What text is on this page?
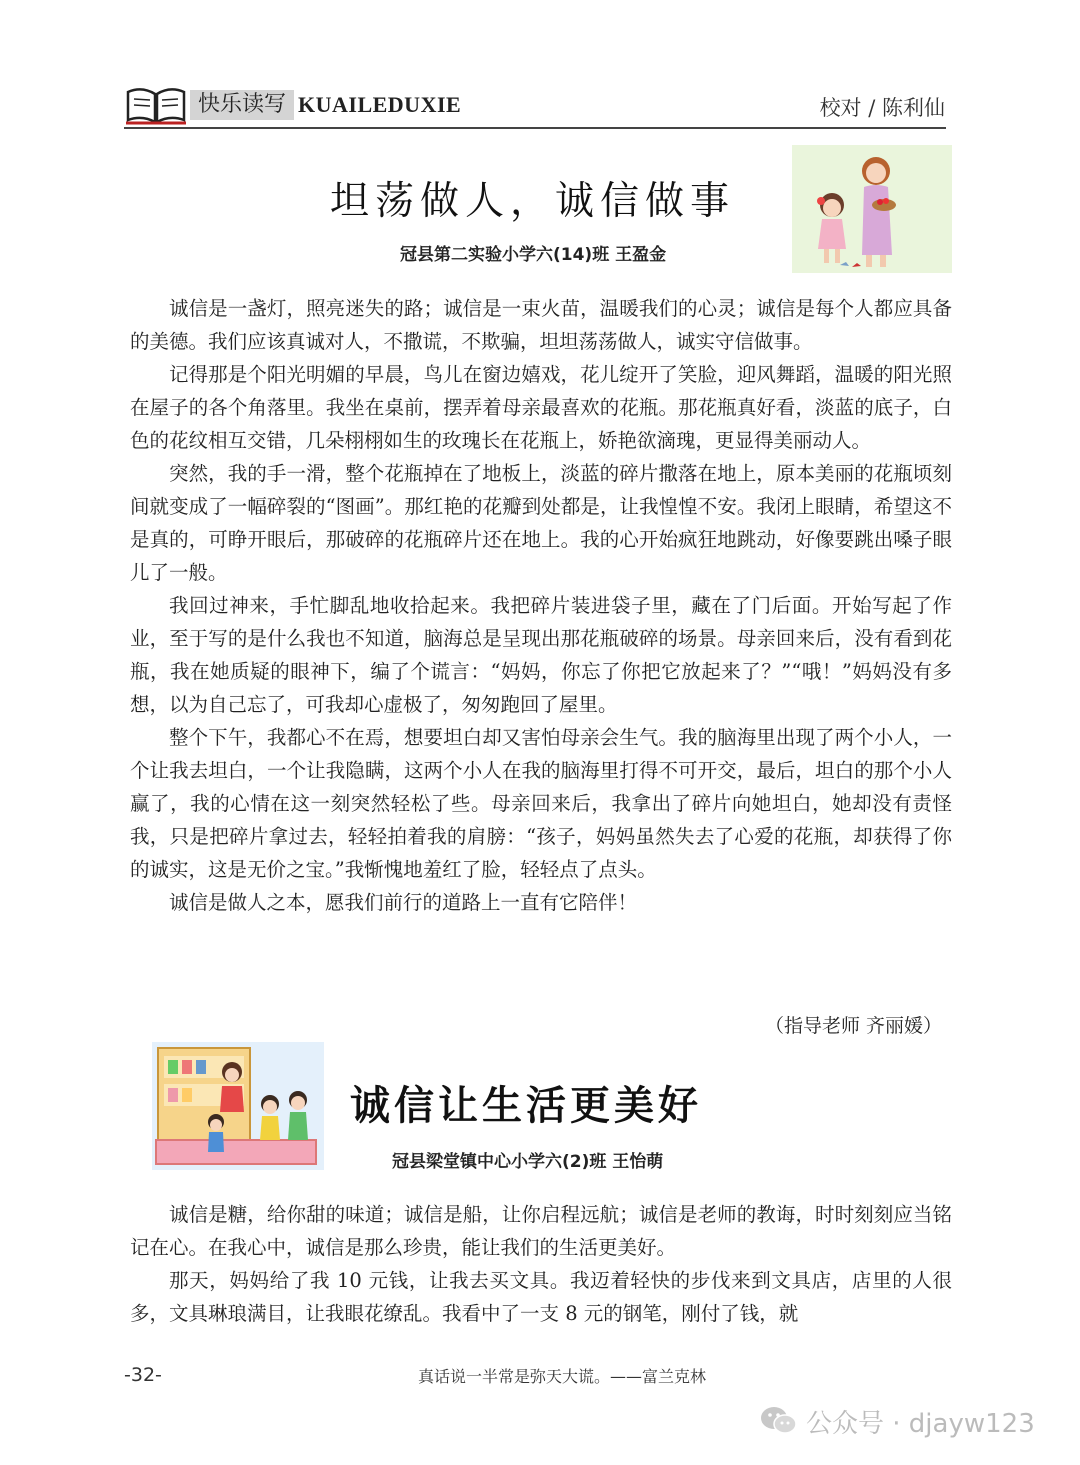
快乐读写 KUAILEDUXIE	校对 / 陈利仙
坦荡做人，诚信做事
冠县第二实验小学六(14)班 王盈金

诚信是一盏灯，照亮迷失的路；诚信是一束火苗，温暖我们的心灵；诚信是每个人都应具备的美德。我们应该真诚对人，不撒谎，不欺骗，坦坦荡荡做人，诚实守信做事。

记得那是个阳光明媚的早晨，鸟儿在窗边嬉戏，花儿绽开了笑脸，迎风舞蹈，温暖的阳光照在屋子的各个角落里。我坐在桌前，摆弄着母亲最喜欢的花瓶。那花瓶真好看，淡蓝的底子，白色的花纹相互交错，几朵栩栩如生的玫瑰长在花瓶上，娇艳欲滴瑰，更显得美丽动人。

突然，我的手一滑，整个花瓶掉在了地板上，淡蓝的碎片撒落在地上，原本美丽的花瓶顷刻间就变成了一幅碎裂的“图画”。那红艳的花瓣到处都是，让我惶惶不安。我闭上眼睛，希望这不是真的，可睁开眼后，那破碎的花瓶碎片还在地上。我的心开始疯狂地跳动，好像要跳出嗓子眼儿了一般。

我回过神来，手忙脚乱地收拾起来。我把碎片装进袋子里，藏在了门后面。开始写起了作业，至于写的是什么我也不知道，脑海总是呈现出那花瓶破碎的场景。母亲回来后，没有看到花瓶，我在她质疑的眼神下，编了个谎言：“妈妈，你忘了你把它放起来了？”“哦！”妈妈没有多想，以为自己忘了，可我却心虚极了，匆匆跑回了屋里。

整个下午，我都心不在焉，想要坦白却又害怕母亲会生气。我的脑海里出现了两个小人，一个让我去坦白，一个让我隐瞒，这两个小人在我的脑海里打得不可开交，最后，坦白的那个小人赢了，我的心情在这一刻突然轻松了些。母亲回来后，我拿出了碎片向她坦白，她却没有责怪我，只是把碎片拿过去，轻轻拍着我的肩膀：“孩子，妈妈虽然失去了心爱的花瓶，却获得了你的诚实，这是无价之宝。”我惭愧地羞红了脸，轻轻点了点头。

诚信是做人之本，愿我们前行的道路上一直有它陪伴！

（指导老师 齐丽媛）
诚信让生活更美好
冠县梁堂镇中心小学六(2)班 王怡萌

诚信是糖，给你甜的味道；诚信是船，让你启程远航；诚信是老师的教诲，时时刻刻应当铭记在心。在我心中，诚信是那么珍贵，能让我们的生活更美好。

那天，妈妈给了我 10 元钱，让我去买文具。我迈着轻快的步伐来到文具店，店里的人很多，文具琳琅满目，让我眼花缭乱。我看中了一支 8 元的钢笔，刚付了钱，就

-32-	真话说一半常是弥天大谎。——富兰克林
公众号 · djayw123
